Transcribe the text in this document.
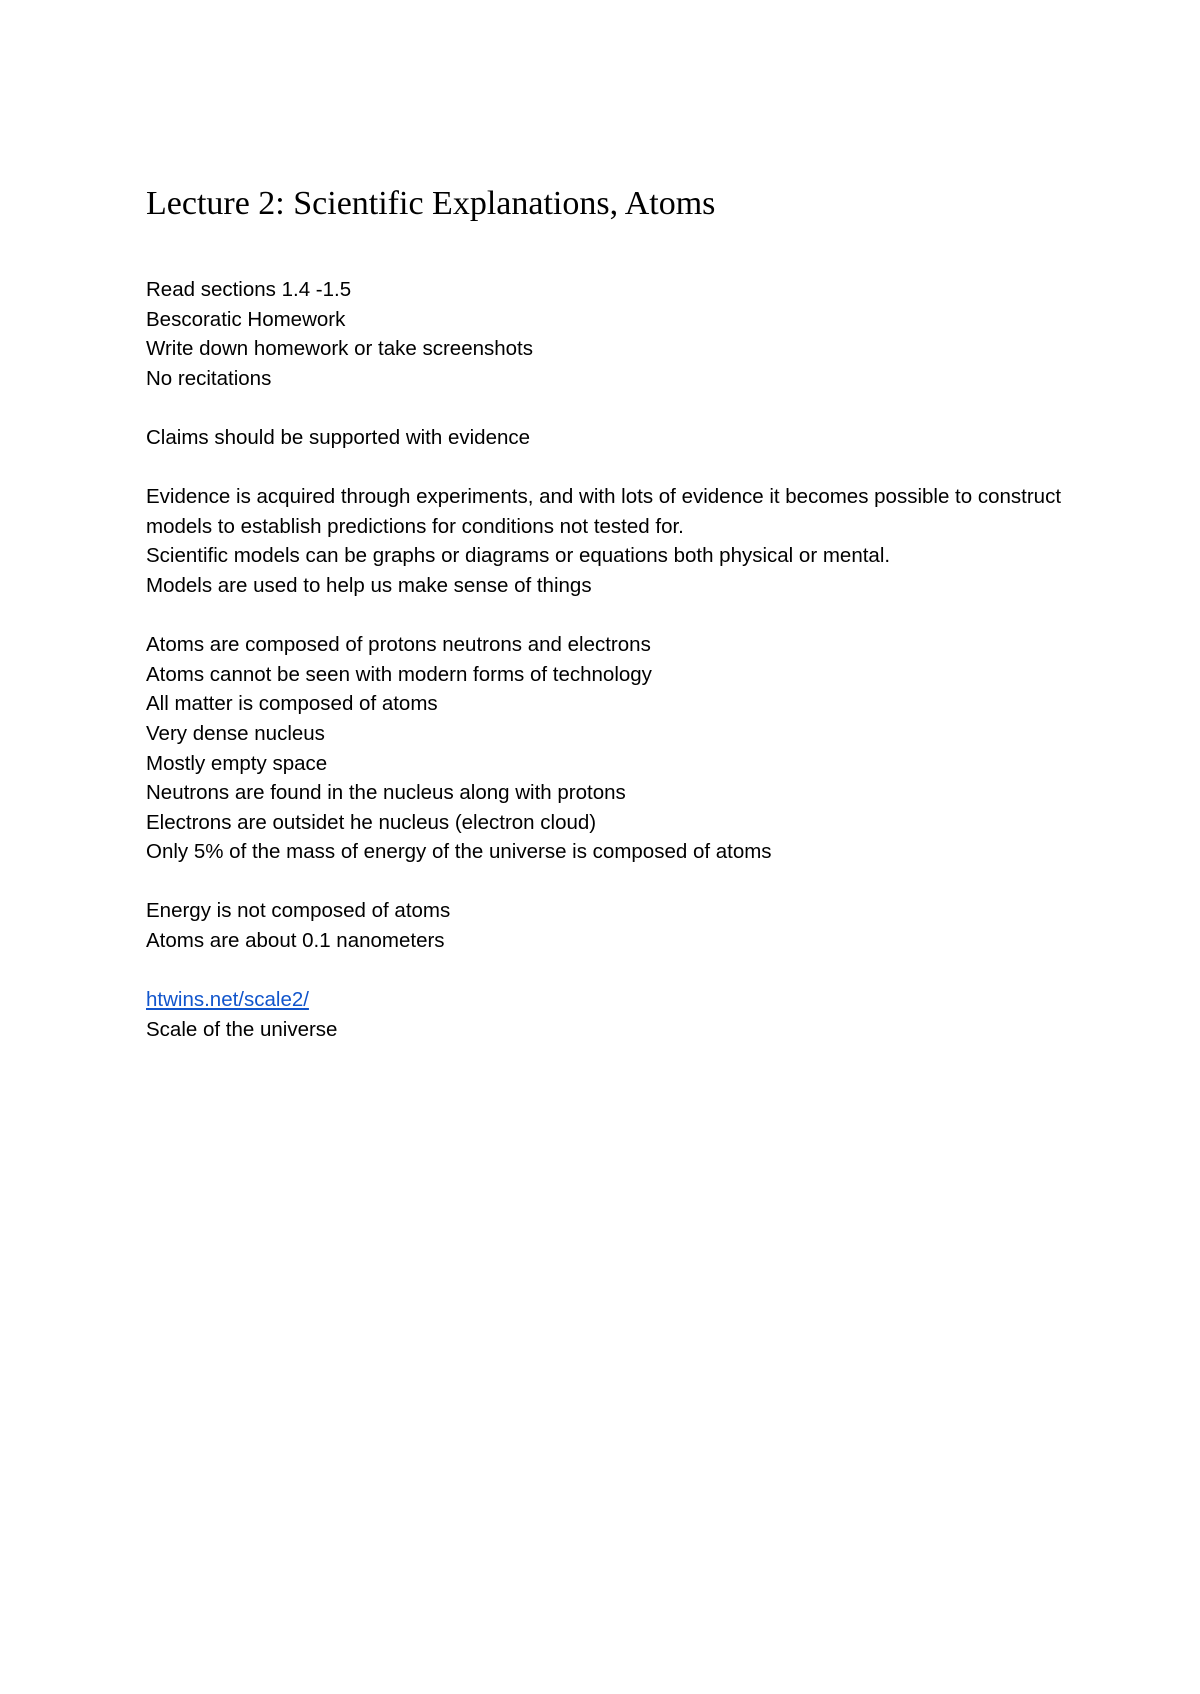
Lecture 2: Scientific Explanations, Atoms
Read sections 1.4 -1.5
Bescoratic Homework
Write down homework or take screenshots
No recitations
Claims should be supported with evidence
Evidence is acquired through experiments, and with lots of evidence it becomes possible to construct models to establish predictions for conditions not tested for.
Scientific models can be graphs or diagrams or equations both physical or mental.
Models are used to help us make sense of things
Atoms are composed of protons neutrons and electrons
Atoms cannot be seen with modern forms of technology
All matter is composed of atoms
Very dense nucleus
Mostly empty space
Neutrons are found in the nucleus along with protons
Electrons are outsidet he nucleus (electron cloud)
Only 5% of the mass of energy of the universe is composed of atoms
Energy is not composed of atoms
Atoms are about 0.1 nanometers
htwins.net/scale2/
Scale of the universe
